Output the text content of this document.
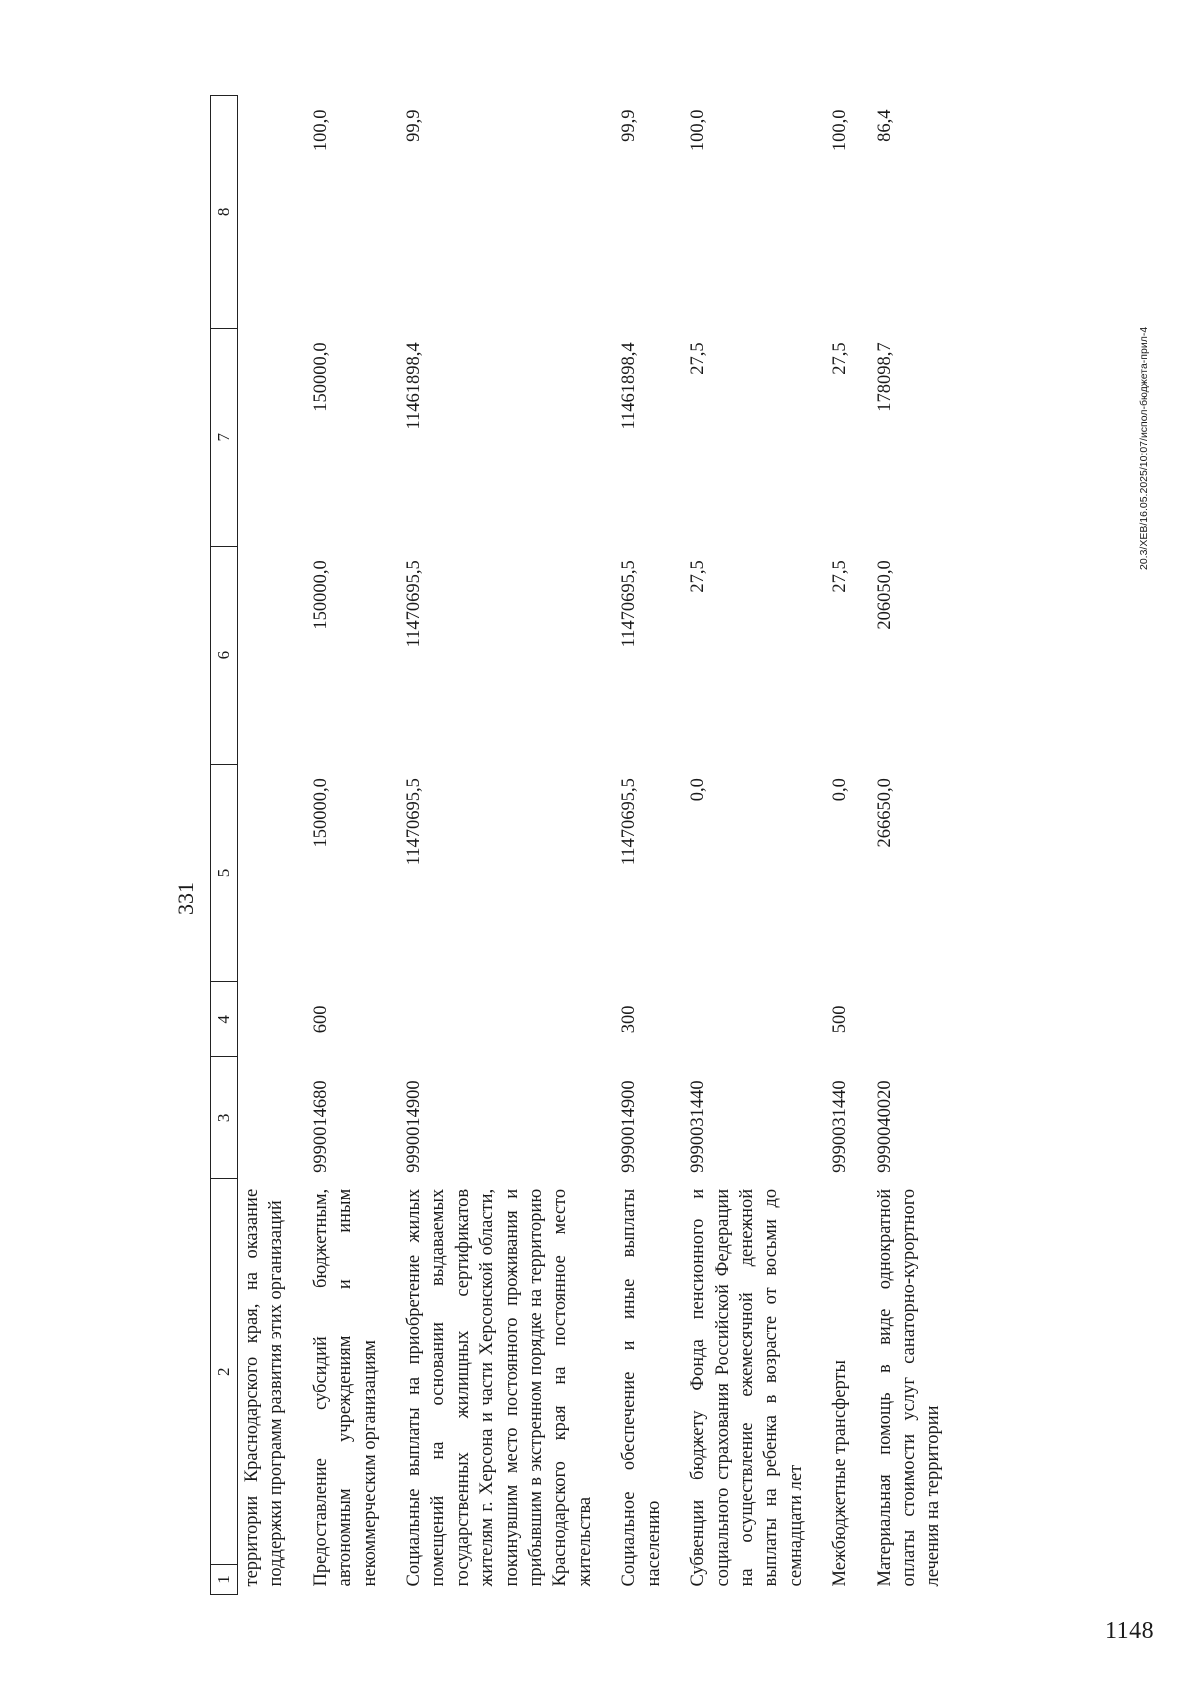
1148
331
1	2	3	4	5	6	7	8
территории Краснодарского края, на оказание поддержки программ развития этих организаций							
Предоставление субсидий бюджетным, автономным учреждениям и иным некоммерческим организациям		9990014680	600	150000,0	150000,0	150000,0	100,0
Социальные выплаты на приобретение жилых помещений на основании выдаваемых государственных жилищных сертификатов жителям г. Херсона и части Херсонской области, покинувшим место постоянного проживания и прибывшим в экстренном порядке на территорию Краснодарского края на постоянное место жительства		9990014900		11470695,5	11470695,5	11461898,4	99,9
Социальное обеспечение и иные выплаты населению		9990014900	300	11470695,5	11470695,5	11461898,4	99,9
Субвенции бюджету Фонда пенсионного и социального страхования Российской Федерации на осуществление ежемесячной денежной выплаты на ребенка в возрасте от восьми до семнадцати лет		9990031440		0,0	27,5	27,5	100,0
Межбюджетные трансферты		9990031440	500	0,0	27,5	27,5	100,0
Материальная помощь в виде однократной оплаты стоимости услуг санаторно-курортного лечения на территории		9990040020		266650,0	206050,0	178098,7	86,4
20.3/XEB/16.05.2025/10:07/испол-бюджета-прил-4
